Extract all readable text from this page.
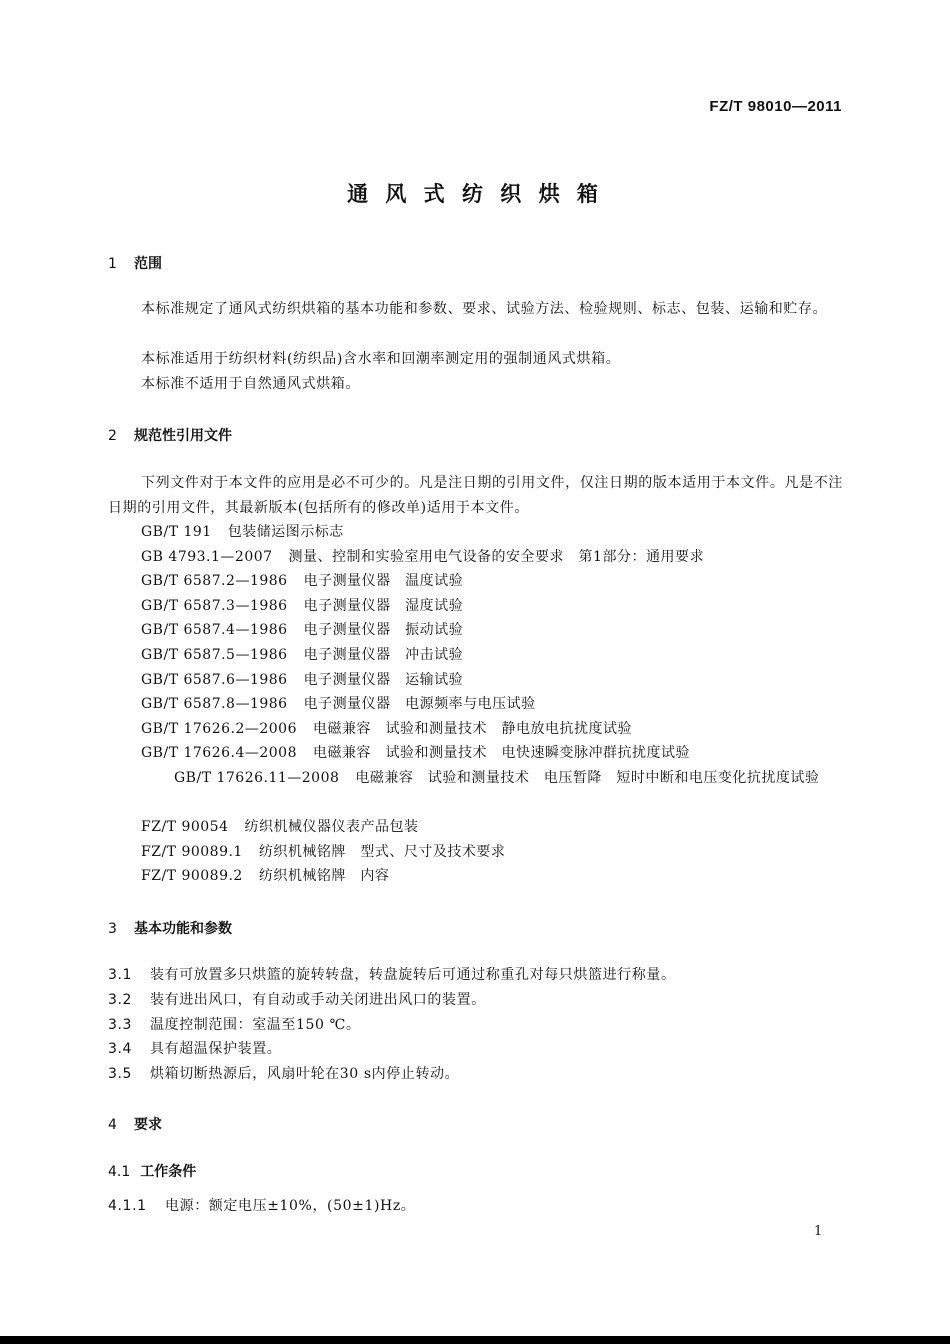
FZ/T 98010—2011
通 风 式 纺 织 烘 箱
1 范围
本标准规定了通风式纺织烘箱的基本功能和参数、要求、试验方法、检验规则、标志、包装、运输和贮存。
本标准适用于纺织材料(纺织品)含水率和回潮率测定用的强制通风式烘箱。
本标准不适用于自然通风式烘箱。
2 规范性引用文件
下列文件对于本文件的应用是必不可少的。凡是注日期的引用文件，仅注日期的版本适用于本文件。凡是不注日期的引用文件，其最新版本(包括所有的修改单)适用于本文件。
GB/T 191 包装储运图示标志
GB 4793.1—2007 测量、控制和实验室用电气设备的安全要求　第1部分：通用要求
GB/T 6587.2—1986 电子测量仪器　温度试验
GB/T 6587.3—1986 电子测量仪器　湿度试验
GB/T 6587.4—1986 电子测量仪器　振动试验
GB/T 6587.5—1986 电子测量仪器　冲击试验
GB/T 6587.6—1986 电子测量仪器　运输试验
GB/T 6587.8—1986 电子测量仪器　电源频率与电压试验
GB/T 17626.2—2006 电磁兼容　试验和测量技术　静电放电抗扰度试验
GB/T 17626.4—2008 电磁兼容　试验和测量技术　电快速瞬变脉冲群抗扰度试验
GB/T 17626.11—2008 电磁兼容　试验和测量技术　电压暂降　短时中断和电压变化抗扰度试验
FZ/T 90054 纺织机械仪器仪表产品包装
FZ/T 90089.1 纺织机械铭牌　型式、尺寸及技术要求
FZ/T 90089.2 纺织机械铭牌　内容
3 基本功能和参数
3.1 装有可放置多只烘篮的旋转转盘，转盘旋转后可通过称重孔对每只烘篮进行称量。
3.2 装有进出风口，有自动或手动关闭进出风口的装置。
3.3 温度控制范围：室温至150 ℃。
3.4 具有超温保护装置。
3.5 烘箱切断热源后，风扇叶轮在30 s内停止转动。
4 要求
4.1 工作条件
4.1.1 电源：额定电压±10%，(50±1)Hz。
1
